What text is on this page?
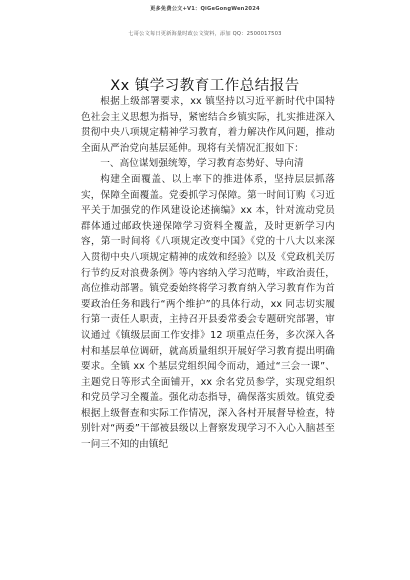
更多免费公文+V1：QiGeGongWen2024
七哥公文每日更新海量时政公文资料，添加 QQ：2500017503
Xx 镇学习教育工作总结报告

根据上级部署要求，xx 镇坚持以习近平新时代中国特色社会主义思想为指导，紧密结合乡镇实际，扎实推进深入贯彻中央八项规定精神学习教育，着力解决作风问题，推动全面从严治党向基层延伸。现将有关情况汇报如下：

一、高位谋划强统筹，学习教育态势好、导向清

构建全面覆盖、以上率下的推进体系，坚持层层抓落实，保障全面覆盖。党委抓学习保障。第一时间订购《习近平关于加强党的作风建设论述摘编》xx 本，针对流动党员群体通过邮政快递保障学习资料全覆盖，及时更新学习内容，第一时间将《八项规定改变中国》《党的十八大以来深入贯彻中央八项规定精神的成效和经验》以及《党政机关厉行节约反对浪费条例》等内容纳入学习范畴，牢政治责任，高位推动部署。镇党委始终将学习教育纳入学习教育作为首要政治任务和践行“两个维护”的具体行动，xx 同志切实履行第一责任人职责，主持召开县委常委会专题研究部署，审议通过《镇级层面工作安排》12 项重点任务，多次深入各村和基层单位调研，就高质量组织开展好学习教育提出明确要求。全镇 xx 个基层党组织闻令而动，通过“三会一课”、主题党日等形式全面铺开，xx 余名党员参学，实现党组织和党员学习全覆盖。强化动态指导，确保落实质效。镇党委根据上级督查和实际工作情况，深入各村开展督导检查，特别针对“两委”干部被县级以上督察发现学习不入心入脑甚至一问三不知的由镇纪
